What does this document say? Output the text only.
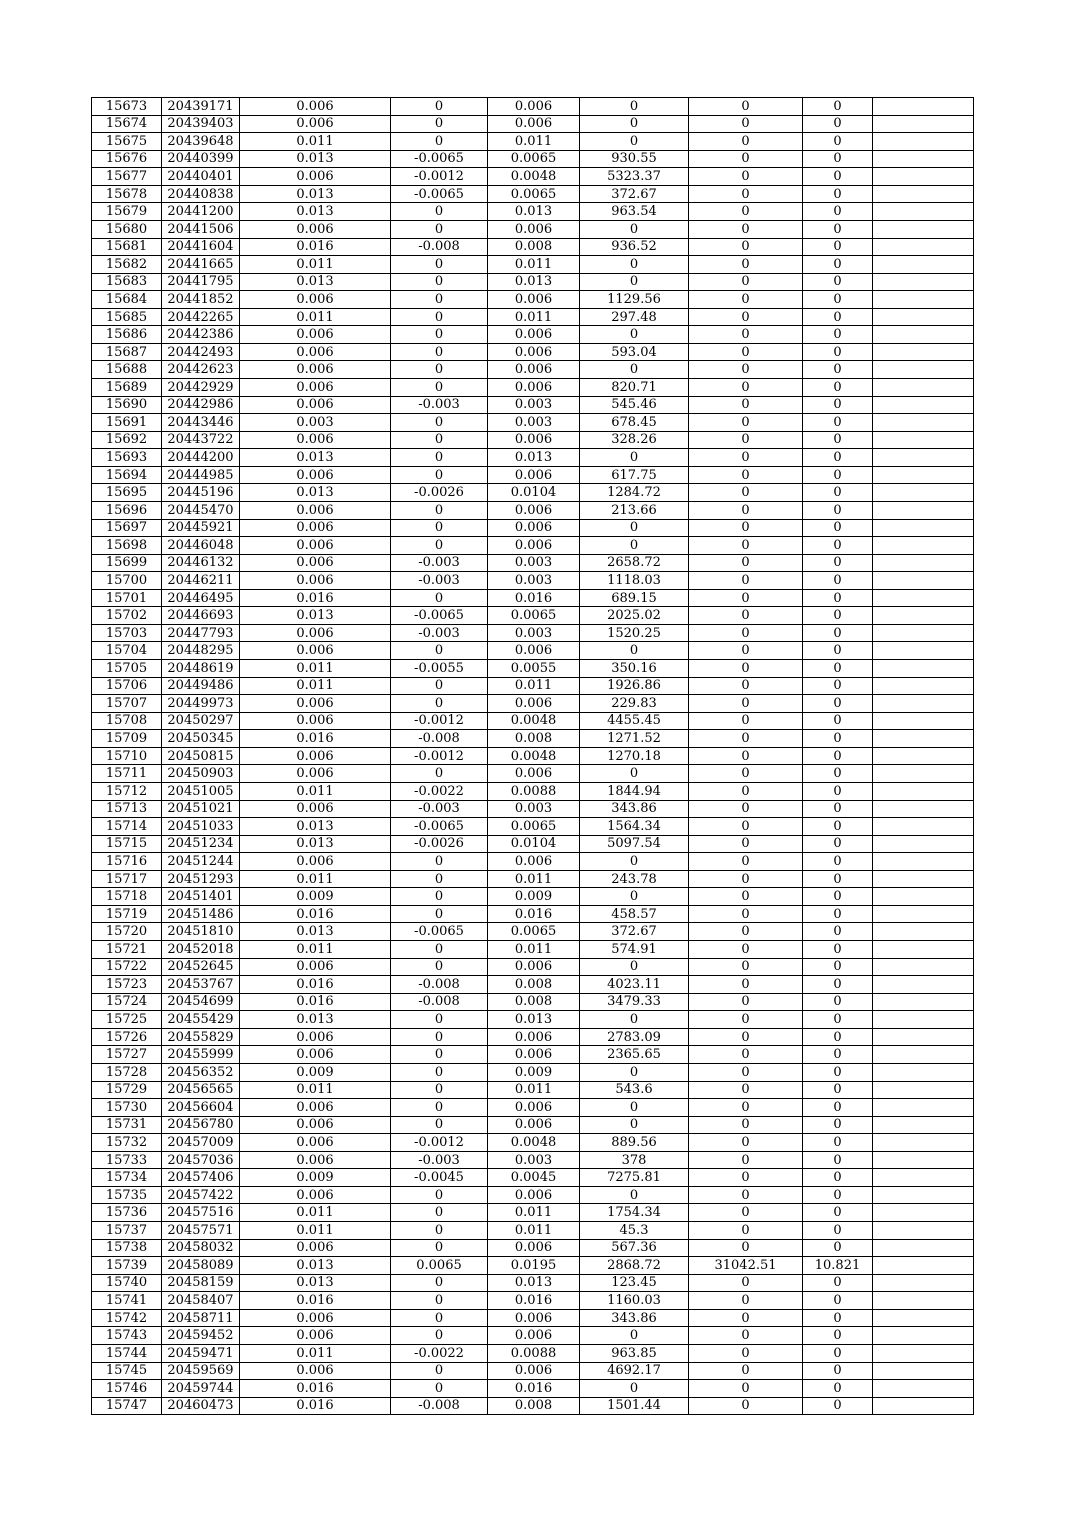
15673	20439171	0.006	0	0.006	0	0	0	
15674	20439403	0.006	0	0.006	0	0	0	
15675	20439648	0.011	0	0.011	0	0	0	
15676	20440399	0.013	-0.0065	0.0065	930.55	0	0	
15677	20440401	0.006	-0.0012	0.0048	5323.37	0	0	
15678	20440838	0.013	-0.0065	0.0065	372.67	0	0	
15679	20441200	0.013	0	0.013	963.54	0	0	
15680	20441506	0.006	0	0.006	0	0	0	
15681	20441604	0.016	-0.008	0.008	936.52	0	0	
15682	20441665	0.011	0	0.011	0	0	0	
15683	20441795	0.013	0	0.013	0	0	0	
15684	20441852	0.006	0	0.006	1129.56	0	0	
15685	20442265	0.011	0	0.011	297.48	0	0	
15686	20442386	0.006	0	0.006	0	0	0	
15687	20442493	0.006	0	0.006	593.04	0	0	
15688	20442623	0.006	0	0.006	0	0	0	
15689	20442929	0.006	0	0.006	820.71	0	0	
15690	20442986	0.006	-0.003	0.003	545.46	0	0	
15691	20443446	0.003	0	0.003	678.45	0	0	
15692	20443722	0.006	0	0.006	328.26	0	0	
15693	20444200	0.013	0	0.013	0	0	0	
15694	20444985	0.006	0	0.006	617.75	0	0	
15695	20445196	0.013	-0.0026	0.0104	1284.72	0	0	
15696	20445470	0.006	0	0.006	213.66	0	0	
15697	20445921	0.006	0	0.006	0	0	0	
15698	20446048	0.006	0	0.006	0	0	0	
15699	20446132	0.006	-0.003	0.003	2658.72	0	0	
15700	20446211	0.006	-0.003	0.003	1118.03	0	0	
15701	20446495	0.016	0	0.016	689.15	0	0	
15702	20446693	0.013	-0.0065	0.0065	2025.02	0	0	
15703	20447793	0.006	-0.003	0.003	1520.25	0	0	
15704	20448295	0.006	0	0.006	0	0	0	
15705	20448619	0.011	-0.0055	0.0055	350.16	0	0	
15706	20449486	0.011	0	0.011	1926.86	0	0	
15707	20449973	0.006	0	0.006	229.83	0	0	
15708	20450297	0.006	-0.0012	0.0048	4455.45	0	0	
15709	20450345	0.016	-0.008	0.008	1271.52	0	0	
15710	20450815	0.006	-0.0012	0.0048	1270.18	0	0	
15711	20450903	0.006	0	0.006	0	0	0	
15712	20451005	0.011	-0.0022	0.0088	1844.94	0	0	
15713	20451021	0.006	-0.003	0.003	343.86	0	0	
15714	20451033	0.013	-0.0065	0.0065	1564.34	0	0	
15715	20451234	0.013	-0.0026	0.0104	5097.54	0	0	
15716	20451244	0.006	0	0.006	0	0	0	
15717	20451293	0.011	0	0.011	243.78	0	0	
15718	20451401	0.009	0	0.009	0	0	0	
15719	20451486	0.016	0	0.016	458.57	0	0	
15720	20451810	0.013	-0.0065	0.0065	372.67	0	0	
15721	20452018	0.011	0	0.011	574.91	0	0	
15722	20452645	0.006	0	0.006	0	0	0	
15723	20453767	0.016	-0.008	0.008	4023.11	0	0	
15724	20454699	0.016	-0.008	0.008	3479.33	0	0	
15725	20455429	0.013	0	0.013	0	0	0	
15726	20455829	0.006	0	0.006	2783.09	0	0	
15727	20455999	0.006	0	0.006	2365.65	0	0	
15728	20456352	0.009	0	0.009	0	0	0	
15729	20456565	0.011	0	0.011	543.6	0	0	
15730	20456604	0.006	0	0.006	0	0	0	
15731	20456780	0.006	0	0.006	0	0	0	
15732	20457009	0.006	-0.0012	0.0048	889.56	0	0	
15733	20457036	0.006	-0.003	0.003	378	0	0	
15734	20457406	0.009	-0.0045	0.0045	7275.81	0	0	
15735	20457422	0.006	0	0.006	0	0	0	
15736	20457516	0.011	0	0.011	1754.34	0	0	
15737	20457571	0.011	0	0.011	45.3	0	0	
15738	20458032	0.006	0	0.006	567.36	0	0	
15739	20458089	0.013	0.0065	0.0195	2868.72	31042.51	10.821	
15740	20458159	0.013	0	0.013	123.45	0	0	
15741	20458407	0.016	0	0.016	1160.03	0	0	
15742	20458711	0.006	0	0.006	343.86	0	0	
15743	20459452	0.006	0	0.006	0	0	0	
15744	20459471	0.011	-0.0022	0.0088	963.85	0	0	
15745	20459569	0.006	0	0.006	4692.17	0	0	
15746	20459744	0.016	0	0.016	0	0	0	
15747	20460473	0.016	-0.008	0.008	1501.44	0	0	
